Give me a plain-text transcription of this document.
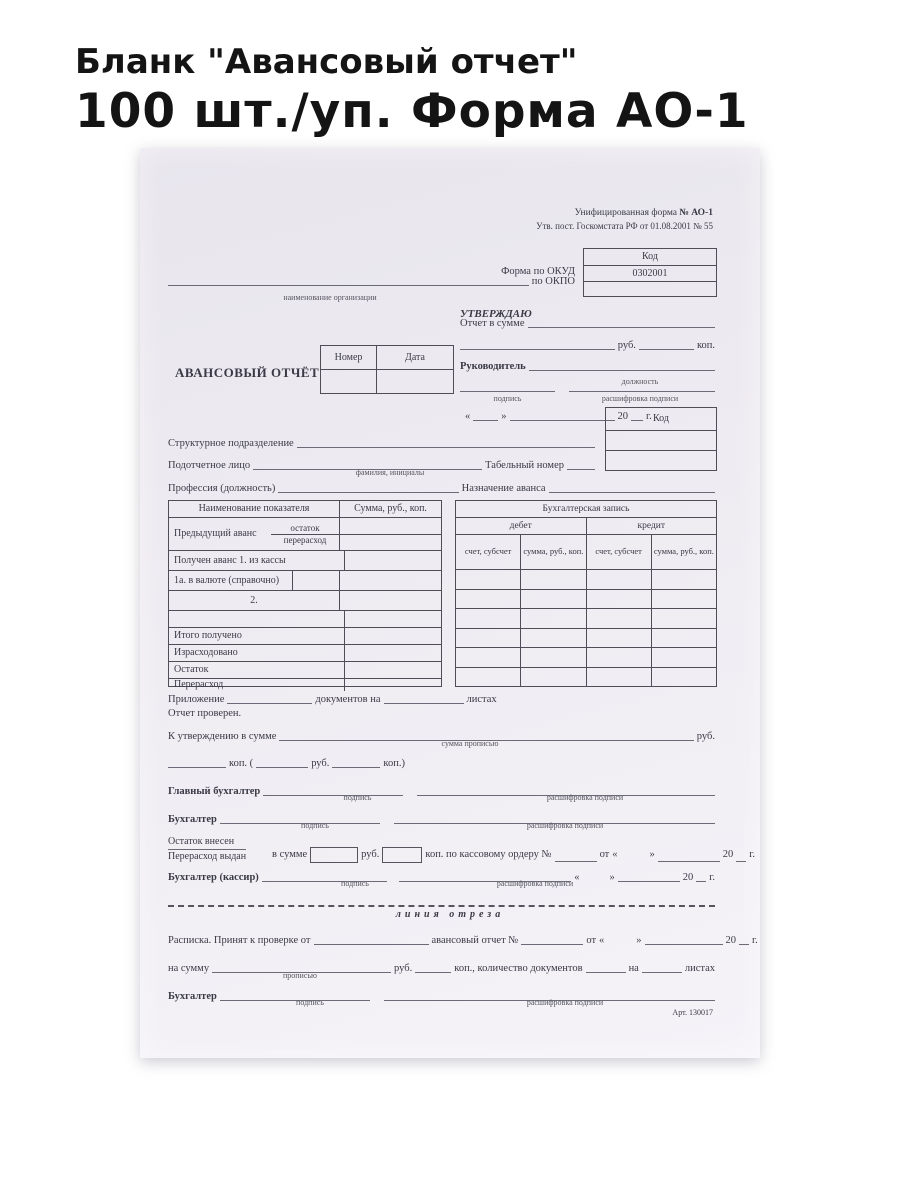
Бланк "Авансовый отчет"
100 шт./уп. Форма АО-1
Унифицированная форма № АО-1
Утв. пост. Госкомстата РФ от 01.08.2001 № 55
Код
0302001
Форма по ОКУД
по ОКПО
наименование организации
УТВЕРЖДАЮ
Отчет в сумме
руб.	коп.
Руководитель
должность
подпись	расшифровка подписи
«	»	20 г.
АВАНСОВЫЙ ОТЧЁТ
Номер	Дата
Код
Структурное подразделение
Подотчетное лицо	Табельный номер
фамилия, инициалы
Профессия (должность)	Назначение аванса
Наименование показателя	Сумма, руб., коп.
Предыдущий аванс
остаток
перерасход
Получен аванс 1. из кассы
1а. в валюте (справочно)
2.
Итого получено
Израсходовано
Остаток
Перерасход
Бухгалтерская запись
дебет	кредит
счет, субсчет	сумма, руб., коп.	счет, субсчет	сумма, руб., коп.
Приложение	документов на	листах
Отчет проверен.
К утверждению в сумме	руб.
сумма прописью
коп. (	руб.	коп.)
Главный бухгалтер
подпись	расшифровка подписи
Бухгалтер
подпись	расшифровка подписи
Остаток внесен
Перерасход выдан в сумме	руб.	коп. по кассовому ордеру №	от «	»	20 г.
Бухгалтер (кассир)	«	»	20 г.
подпись	расшифровка подписи
линия отреза
Расписка. Принят к проверке от	авансовый отчет №	от «	»	20 г.
на сумму	руб.	коп., количество документов	на	листах
прописью
Бухгалтер
подпись	расшифровка подписи
Арт. 130017
